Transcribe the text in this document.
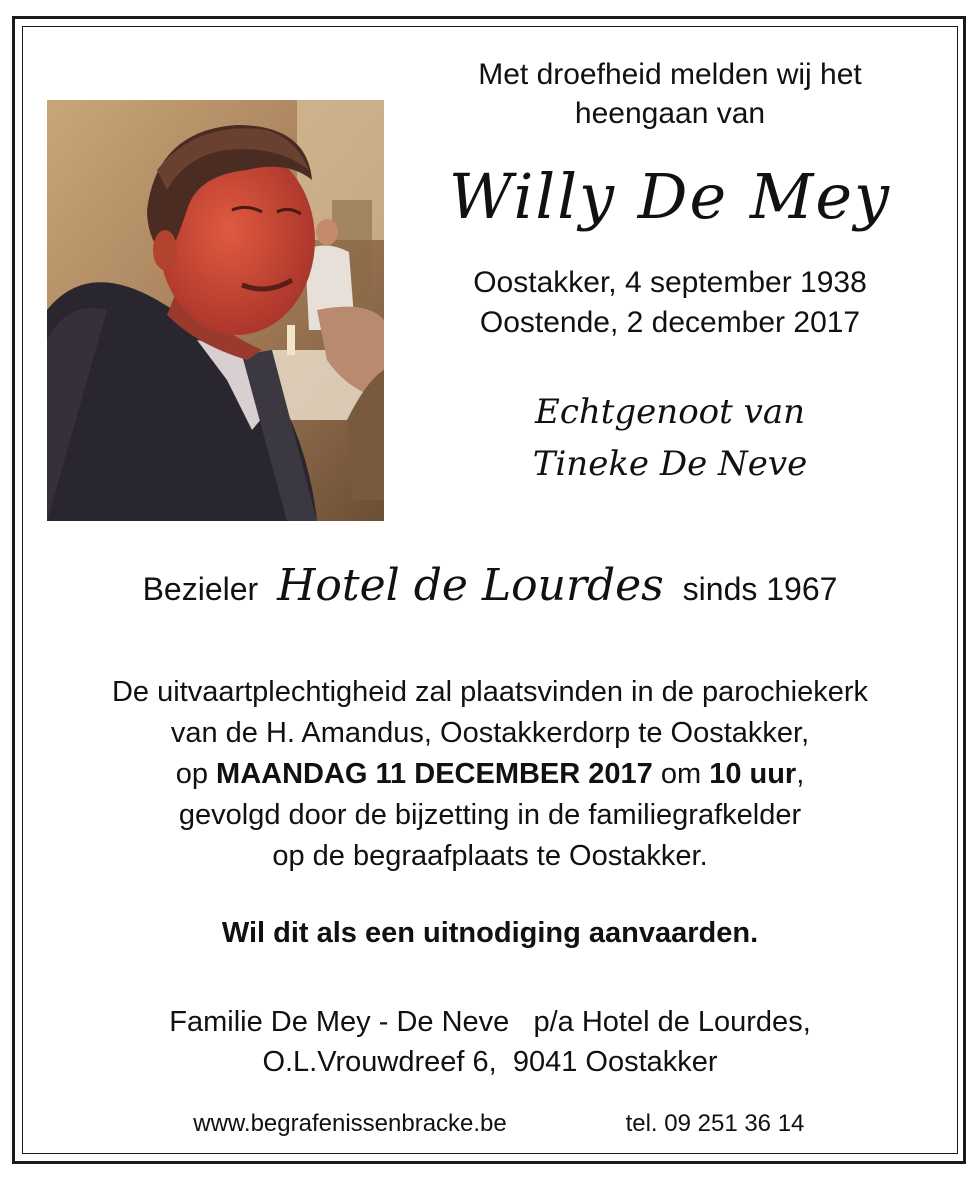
Met droefheid melden wij het
heengaan van
Willy De Mey
Oostakker, 4 september 1938
Oostende, 2 december 2017
Echtgenoot van
Tineke De Neve
Bezieler Hotel de Lourdes sinds 1967
De uitvaartplechtigheid zal plaatsvinden in de parochiekerk
van de H. Amandus, Oostakkerdorp te Oostakker,
op MAANDAG 11 DECEMBER 2017 om 10 uur,
gevolgd door de bijzetting in de familiegrafkelder
op de begraafplaats te Oostakker.
Wil dit als een uitnodiging aanvaarden.
Familie De Mey - De Neve   p/a Hotel de Lourdes,
O.L.Vrouwdreef 6,  9041 Oostakker
www.begrafenissenbracke.be	tel. 09 251 36 14
